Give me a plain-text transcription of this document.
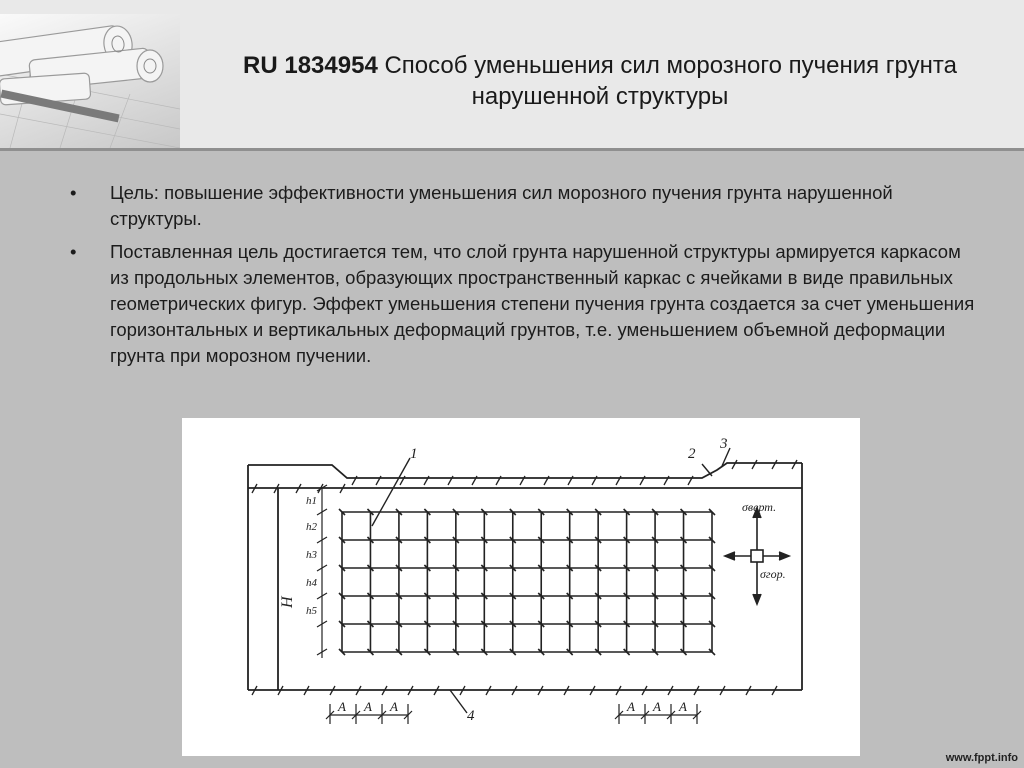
RU 1834954 Способ уменьшения сил морозного пучения грунта нарушенной структуры
• Цель: повышение эффективности уменьшения сил морозного пучения грунта нарушенной структуры.
• Поставленная цель достигается тем, что слой грунта нарушенной структуры армируется каркасом из продольных элементов, образующих пространственный каркас с ячейками в виде правильных геометрических фигур. Эффект уменьшения степени пучения грунта создается за счет уменьшения горизонтальных и вертикальных деформаций грунтов, т.е. уменьшением объемной деформации грунта при морозном пучении.
1	2
3
4
H
σверт.
σгор.
h1
h2
h3
h4
h5
A A A	A A A
www.fppt.info
